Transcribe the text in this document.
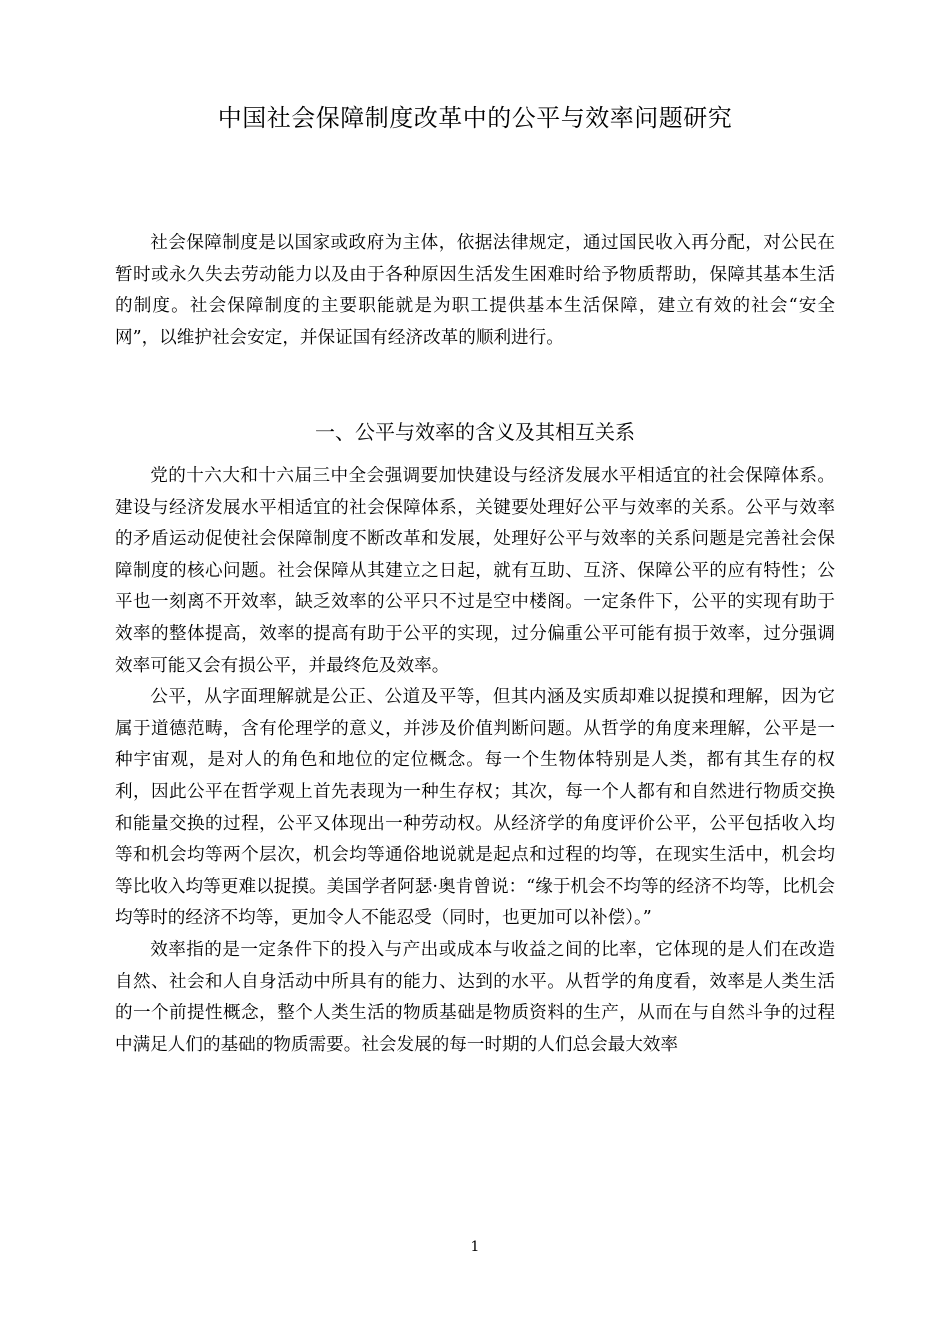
中国社会保障制度改革中的公平与效率问题研究

社会保障制度是以国家或政府为主体，依据法律规定，通过国民收入再分配，对公民在暂时或永久失去劳动能力以及由于各种原因生活发生困难时给予物质帮助，保障其基本生活的制度。社会保障制度的主要职能就是为职工提供基本生活保障，建立有效的社会“安全网”，以维护社会安定，并保证国有经济改革的顺利进行。

一、公平与效率的含义及其相互关系

党的十六大和十六届三中全会强调要加快建设与经济发展水平相适宜的社会保障体系。建设与经济发展水平相适宜的社会保障体系，关键要处理好公平与效率的关系。公平与效率的矛盾运动促使社会保障制度不断改革和发展，处理好公平与效率的关系问题是完善社会保障制度的核心问题。社会保障从其建立之日起，就有互助、互济、保障公平的应有特性；公平也一刻离不开效率，缺乏效率的公平只不过是空中楼阁。一定条件下，公平的实现有助于效率的整体提高，效率的提高有助于公平的实现，过分偏重公平可能有损于效率，过分强调效率可能又会有损公平，并最终危及效率。

公平，从字面理解就是公正、公道及平等，但其内涵及实质却难以捉摸和理解，因为它属于道德范畴，含有伦理学的意义，并涉及价值判断问题。从哲学的角度来理解，公平是一种宇宙观，是对人的角色和地位的定位概念。每一个生物体特别是人类，都有其生存的权利，因此公平在哲学观上首先表现为一种生存权；其次，每一个人都有和自然进行物质交换和能量交换的过程，公平又体现出一种劳动权。从经济学的角度评价公平，公平包括收入均等和机会均等两个层次，机会均等通俗地说就是起点和过程的均等，在现实生活中，机会均等比收入均等更难以捉摸。美国学者阿瑟·奥肯曾说：“缘于机会不均等的经济不均等，比机会均等时的经济不均等，更加令人不能忍受（同时，也更加可以补偿）。”

效率指的是一定条件下的投入与产出或成本与收益之间的比率，它体现的是人们在改造自然、社会和人自身活动中所具有的能力、达到的水平。从哲学的角度看，效率是人类生活的一个前提性概念，整个人类生活的物质基础是物质资料的生产，从而在与自然斗争的过程中满足人们的基础的物质需要。社会发展的每一时期的人们总会最大效率

1
